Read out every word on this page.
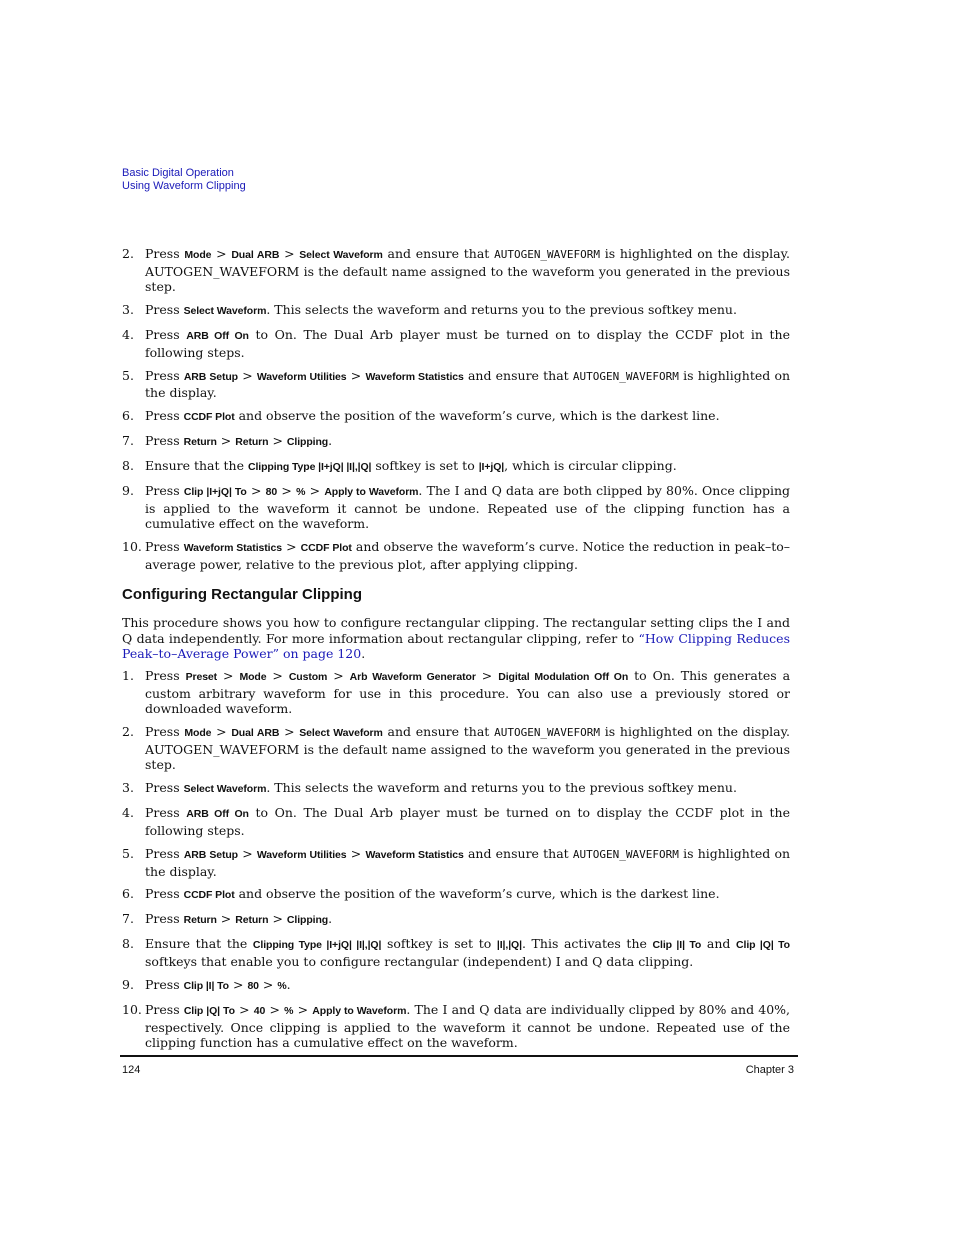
Basic Digital Operation
Using Waveform Clipping
2. Press Mode > Dual ARB > Select Waveform and ensure that AUTOGEN_WAVEFORM is highlighted on the display. AUTOGEN_WAVEFORM is the default name assigned to the waveform you generated in the previous step.
3. Press Select Waveform. This selects the waveform and returns you to the previous softkey menu.
4. Press ARB Off On to On. The Dual Arb player must be turned on to display the CCDF plot in the following steps.
5. Press ARB Setup > Waveform Utilities > Waveform Statistics and ensure that AUTOGEN_WAVEFORM is highlighted on the display.
6. Press CCDF Plot and observe the position of the waveform’s curve, which is the darkest line.
7. Press Return > Return > Clipping.
8. Ensure that the Clipping Type |I+jQ| |I|,|Q| softkey is set to |I+jQ|, which is circular clipping.
9. Press Clip |I+jQ| To > 80 > % > Apply to Waveform. The I and Q data are both clipped by 80%. Once clipping is applied to the waveform it cannot be undone. Repeated use of the clipping function has a cumulative effect on the waveform.
10. Press Waveform Statistics > CCDF Plot and observe the waveform’s curve. Notice the reduction in peak–to–average power, relative to the previous plot, after applying clipping.
Configuring Rectangular Clipping

This procedure shows you how to configure rectangular clipping. The rectangular setting clips the I and Q data independently. For more information about rectangular clipping, refer to “How Clipping Reduces Peak–to–Average Power” on page 120.

1. Press Preset > Mode > Custom > Arb Waveform Generator > Digital Modulation Off On to On. This generates a custom arbitrary waveform for use in this procedure. You can also use a previously stored or downloaded waveform.
2. Press Mode > Dual ARB > Select Waveform and ensure that AUTOGEN_WAVEFORM is highlighted on the display. AUTOGEN_WAVEFORM is the default name assigned to the waveform you generated in the previous step.
3. Press Select Waveform. This selects the waveform and returns you to the previous softkey menu.
4. Press ARB Off On to On. The Dual Arb player must be turned on to display the CCDF plot in the following steps.
5. Press ARB Setup > Waveform Utilities > Waveform Statistics and ensure that AUTOGEN_WAVEFORM is highlighted on the display.
6. Press CCDF Plot and observe the position of the waveform’s curve, which is the darkest line.
7. Press Return > Return > Clipping.
8. Ensure that the Clipping Type |I+jQ| |I|,|Q| softkey is set to |I|,|Q|. This activates the Clip |I| To and Clip |Q| To softkeys that enable you to configure rectangular (independent) I and Q data clipping.
9. Press Clip |I| To > 80 > %.
10. Press Clip |Q| To > 40 > % > Apply to Waveform. The I and Q data are individually clipped by 80% and 40%, respectively. Once clipping is applied to the waveform it cannot be undone. Repeated use of the clipping function has a cumulative effect on the waveform.
124	Chapter 3
